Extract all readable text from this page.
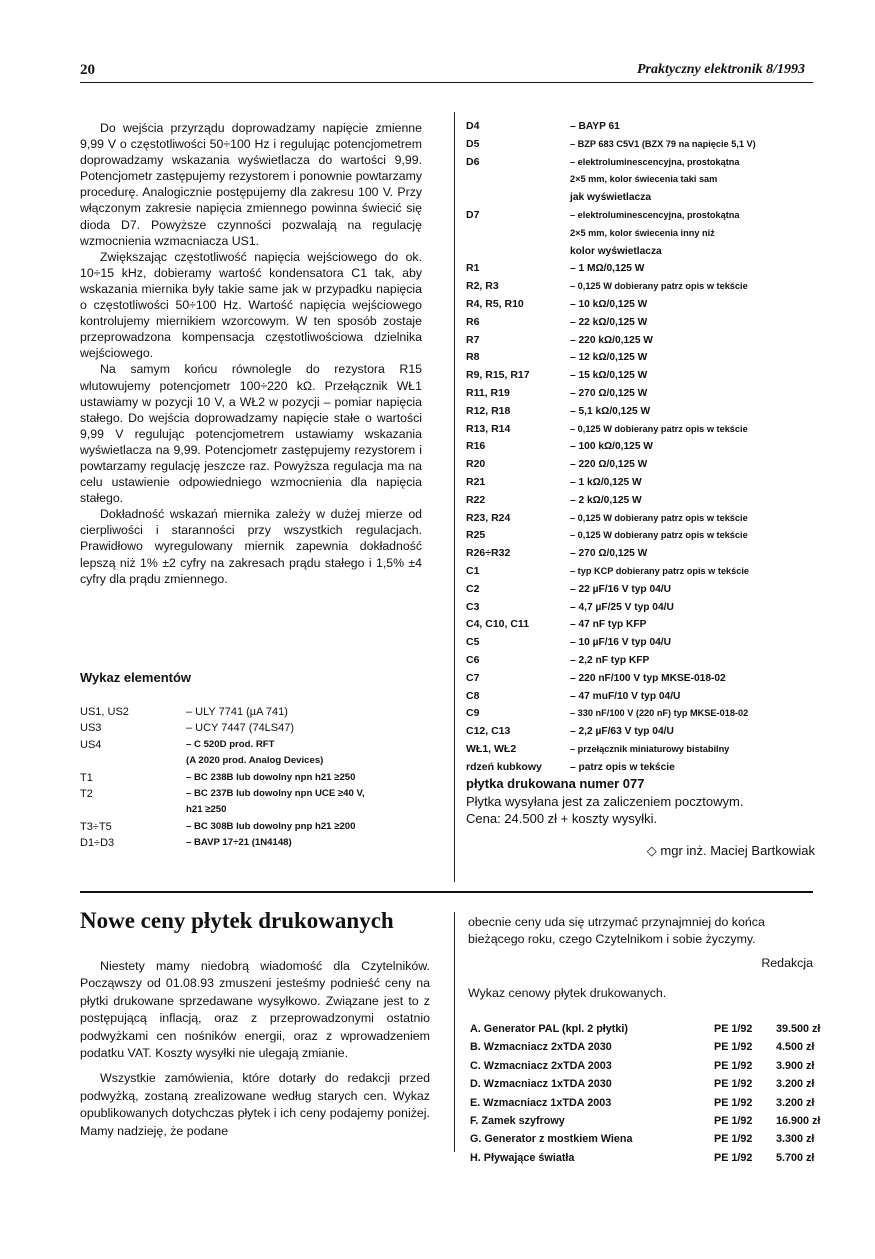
20	Praktyczny elektronik 8/1993

Do wejścia przyrządu doprowadzamy napięcie zmienne 9,99 V o częstotliwości 50÷100 Hz i regulując potencjometrem doprowadzamy wskazania wyświetlacza do wartości 9,99. Potencjometr zastępujemy rezystorem i ponownie powtarzamy procedurę. Analogicznie postępujemy dla zakresu 100 V. Przy włączonym zakresie napięcia zmiennego powinna świecić się dioda D7. Powyższe czynności pozwalają na regulację wzmocnienia wzmacniacza US1.

Zwiększając częstotliwość napięcia wejściowego do ok. 10÷15 kHz, dobieramy wartość kondensatora C1 tak, aby wskazania miernika były takie same jak w przypadku napięcia o częstotliwości 50÷100 Hz. Wartość napięcia wejściowego kontrolujemy miernikiem wzorcowym. W ten sposób zostaje przeprowadzona kompensacja częstotliwościowa dzielnika wejściowego.

Na samym końcu równolegle do rezystora R15 wlutowujemy potencjometr 100÷220 kΩ. Przełącznik WŁ1 ustawiamy w pozycji 10 V, a WŁ2 w pozycji – pomiar napięcia stałego. Do wejścia doprowadzamy napięcie stałe o wartości 9,99 V regulując potencjometrem ustawiamy wskazania wyświetlacza na 9,99. Potencjometr zastępujemy rezystorem i powtarzamy regulację jeszcze raz. Powyższa regulacja ma na celu ustawienie odpowiedniego wzmocnienia dla napięcia stałego.

Dokładność wskazań miernika zależy w dużej mierze od cierpliwości i staranności przy wszystkich regulacjach. Prawidłowo wyregulowany miernik zapewnia dokładność lepszą niż 1% ±2 cyfry na zakresach prądu stałego i 1,5% ±4 cyfry dla prądu zmiennego.

Wykaz elementów
US1, US2	– ULY 7741 (µA 741)
US3	– UCY 7447 (74LS47)
US4	– C 520D prod. RFT
	(A 2020 prod. Analog Devices)
T1	– BC 238B lub dowolny npn h21 ≥250
T2	– BC 237B lub dowolny npn UCE ≥40 V,
	h21 ≥250
T3÷T5	– BC 308B lub dowolny pnp h21 ≥200
D1÷D3	– BAVP 17÷21 (1N4148)
D4	– BAYP 61
D5	– BZP 683 C5V1 (BZX 79 na napięcie 5,1 V)
D6	– elektroluminescencyjna, prostokątna
	2×5 mm, kolor świecenia taki sam
	jak wyświetlacza
D7	– elektroluminescencyjna, prostokątna
	2×5 mm, kolor świecenia inny niż
	kolor wyświetlacza
R1	– 1 MΩ/0,125 W
R2, R3	– 0,125 W dobierany patrz opis w tekście
R4, R5, R10	– 10 kΩ/0,125 W
R6	– 22 kΩ/0,125 W
R7	– 220 kΩ/0,125 W
R8	– 12 kΩ/0,125 W
R9, R15, R17	– 15 kΩ/0,125 W
R11, R19	– 270 Ω/0,125 W
R12, R18	– 5,1 kΩ/0,125 W
R13, R14	– 0,125 W dobierany patrz opis w tekście
R16	– 100 kΩ/0,125 W
R20	– 220 Ω/0,125 W
R21	– 1 kΩ/0,125 W
R22	– 2 kΩ/0,125 W
R23, R24	– 0,125 W dobierany patrz opis w tekście
R25	– 0,125 W dobierany patrz opis w tekście
R26÷R32	– 270 Ω/0,125 W
C1	– typ KCP dobierany patrz opis w tekście
C2	– 22 µF/16 V typ 04/U
C3	– 4,7 µF/25 V typ 04/U
C4, C10, C11	– 47 nF typ KFP
C5	– 10 µF/16 V typ 04/U
C6	– 2,2 nF typ KFP
C7	– 220 nF/100 V typ MKSE-018-02
C8	– 47 muF/10 V typ 04/U
C9	– 330 nF/100 V (220 nF) typ MKSE-018-02
C12, C13	– 2,2 µF/63 V typ 04/U
WŁ1, WŁ2	– przełącznik miniaturowy bistabilny
rdzeń kubkowy	– patrz opis w tekście
płytka drukowana numer 077
Płytka wysyłana jest za zaliczeniem pocztowym.
Cena: 24.500 zł + koszty wysyłki.
◇ mgr inż. Maciej Bartkowiak
Nowe ceny płytek drukowanych

Niestety mamy niedobrą wiadomość dla Czytelników. Począwszy od 01.08.93 zmuszeni jesteśmy podnieść ceny na płytki drukowane sprzedawane wysyłkowo. Związane jest to z postępującą inflacją, oraz z przeprowadzonymi ostatnio podwyżkami cen nośników energii, oraz z wprowadzeniem podatku VAT. Koszty wysyłki nie ulegają zmianie.

Wszystkie zamówienia, które dotarły do redakcji przed podwyżką, zostaną zrealizowane według starych cen. Wykaz opublikowanych dotychczas płytek i ich ceny podajemy poniżej. Mamy nadzieję, że podane

obecnie ceny uda się utrzymać przynajmniej do końca bieżącego roku, czego Czytelnikom i sobie życzymy.
Redakcja
Wykaz cenowy płytek drukowanych.
A. Generator PAL (kpl. 2 płytki)	PE 1/92	39.500 zł
B. Wzmacniacz 2xTDA 2030	PE 1/92	4.500 zł
C. Wzmacniacz 2xTDA 2003	PE 1/92	3.900 zł
D. Wzmacniacz 1xTDA 2030	PE 1/92	3.200 zł
E. Wzmacniacz 1xTDA 2003	PE 1/92	3.200 zł
F. Zamek szyfrowy	PE 1/92	16.900 zł
G. Generator z mostkiem Wiena	PE 1/92	3.300 zł
H. Pływające światła	PE 1/92	5.700 zł
